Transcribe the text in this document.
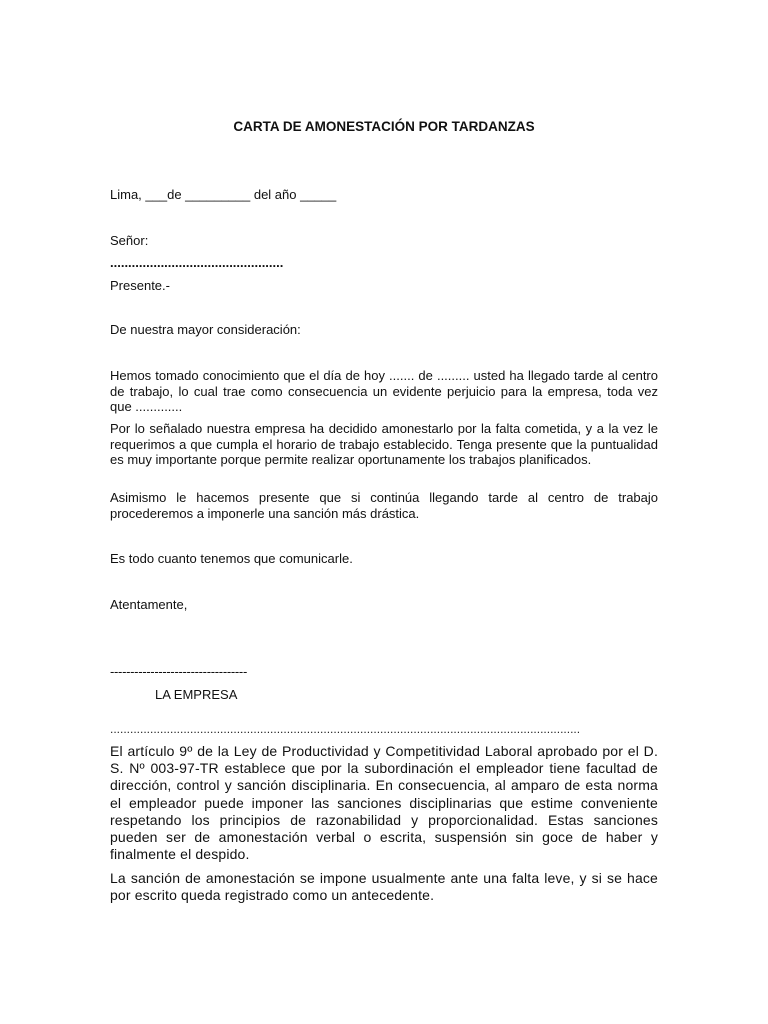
CARTA DE AMONESTACIÓN POR TARDANZAS

Lima, ___de _________ del año _____

Señor:

................................................

Presente.-

De nuestra mayor consideración:

Hemos tomado conocimiento que el día de hoy ....... de ......... usted ha llegado tarde al centro de trabajo, lo cual trae como consecuencia un evidente perjuicio para la empresa, toda vez que .............

Por lo señalado nuestra empresa ha decidido amonestarlo por la falta cometida, y a la vez le requerimos a que cumpla el horario de trabajo establecido. Tenga presente que la puntualidad es muy importante porque permite realizar oportunamente los trabajos planificados.

Asimismo le hacemos presente que si continúa llegando tarde al centro de trabajo procederemos a imponerle una sanción más drástica.

Es todo cuanto tenemos que comunicarle.

Atentamente,

----------------------------------

LA EMPRESA

.............................................................................................................................................

El artículo 9º de la Ley de Productividad y Competitividad Laboral aprobado por el D. S. Nº 003-97-TR establece que por la subordinación el empleador tiene facultad de dirección, control y sanción disciplinaria. En consecuencia, al amparo de esta norma el empleador puede imponer las sanciones disciplinarias que estime conveniente respetando los principios de razonabilidad y proporcionalidad. Estas sanciones pueden ser de amonestación verbal o escrita, suspensión sin goce de haber y finalmente el despido.

La sanción de amonestación se impone usualmente ante una falta leve, y si se hace por escrito queda registrado como un antecedente.
